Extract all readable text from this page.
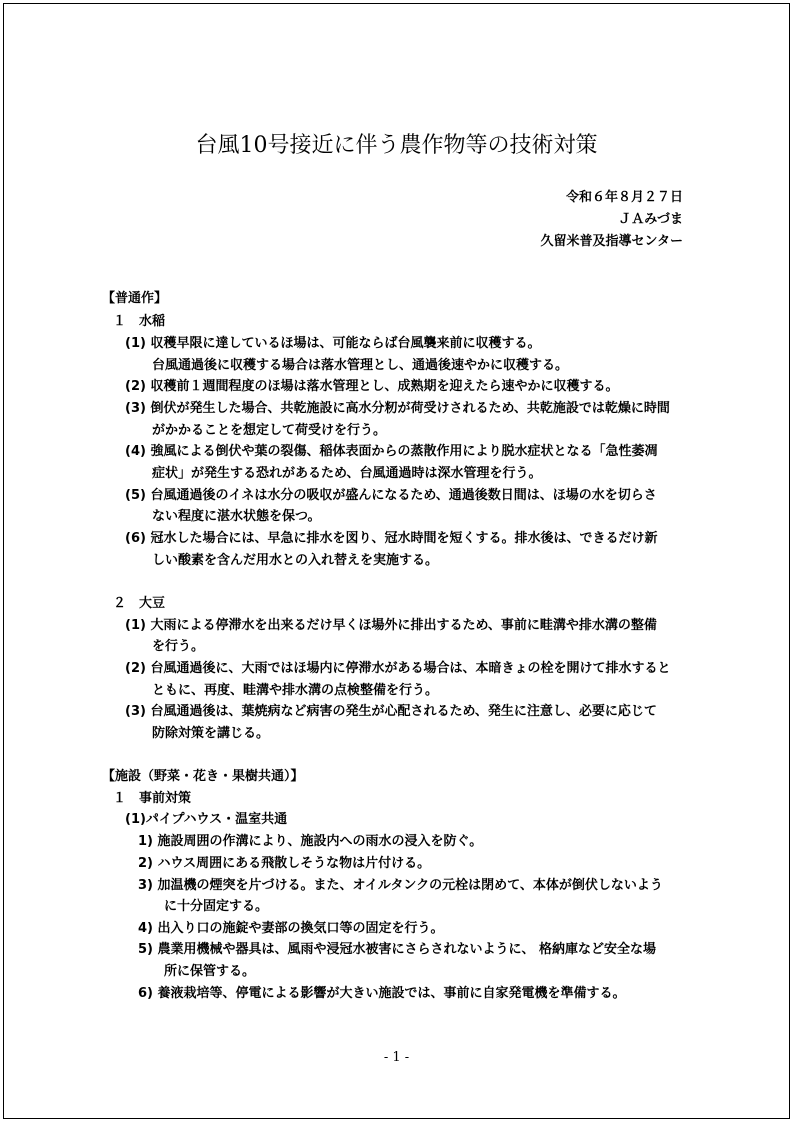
台風10号接近に伴う農作物等の技術対策
令和６年８月２７日
ＪＡみづま
久留米普及指導センター
【普通作】
１　水稲
(1) 収穫早限に達しているほ場は、可能ならば台風襲来前に収穫する。
台風通過後に収穫する場合は落水管理とし、通過後速やかに収穫する。
(2) 収穫前１週間程度のほ場は落水管理とし、成熟期を迎えたら速やかに収穫する。
(3) 倒伏が発生した場合、共乾施設に高水分籾が荷受けされるため、共乾施設では乾燥に時間
がかかることを想定して荷受けを行う。
(4) 強風による倒伏や葉の裂傷、稲体表面からの蒸散作用により脱水症状となる「急性萎凋
症状」が発生する恐れがあるため、台風通過時は深水管理を行う。
(5) 台風通過後のイネは水分の吸収が盛んになるため、通過後数日間は、ほ場の水を切らさ
ない程度に湛水状態を保つ。
(6) 冠水した場合には、早急に排水を図り、冠水時間を短くする。排水後は、できるだけ新
しい酸素を含んだ用水との入れ替えを実施する。
２　大豆
(1) 大雨による停滞水を出来るだけ早くほ場外に排出するため、事前に畦溝や排水溝の整備
を行う。
(2) 台風通過後に、大雨ではほ場内に停滞水がある場合は、本暗きょの栓を開けて排水すると
ともに、再度、畦溝や排水溝の点検整備を行う。
(3) 台風通過後は、葉焼病など病害の発生が心配されるため、発生に注意し、必要に応じて
防除対策を講じる。
【施設（野菜・花き・果樹共通）】
１　事前対策
(1)パイプハウス・温室共通
1) 施設周囲の作溝により、施設内への雨水の浸入を防ぐ。
2) ハウス周囲にある飛散しそうな物は片付ける。
3) 加温機の煙突を片づける。また、オイルタンクの元栓は閉めて、本体が倒伏しないよう
に十分固定する。
4) 出入り口の施錠や妻部の換気口等の固定を行う。
5) 農業用機械や器具は、風雨や浸冠水被害にさらされないように、 格納庫など安全な場
所に保管する。
6) 養液栽培等、停電による影響が大きい施設では、事前に自家発電機を準備する。
- 1 -
